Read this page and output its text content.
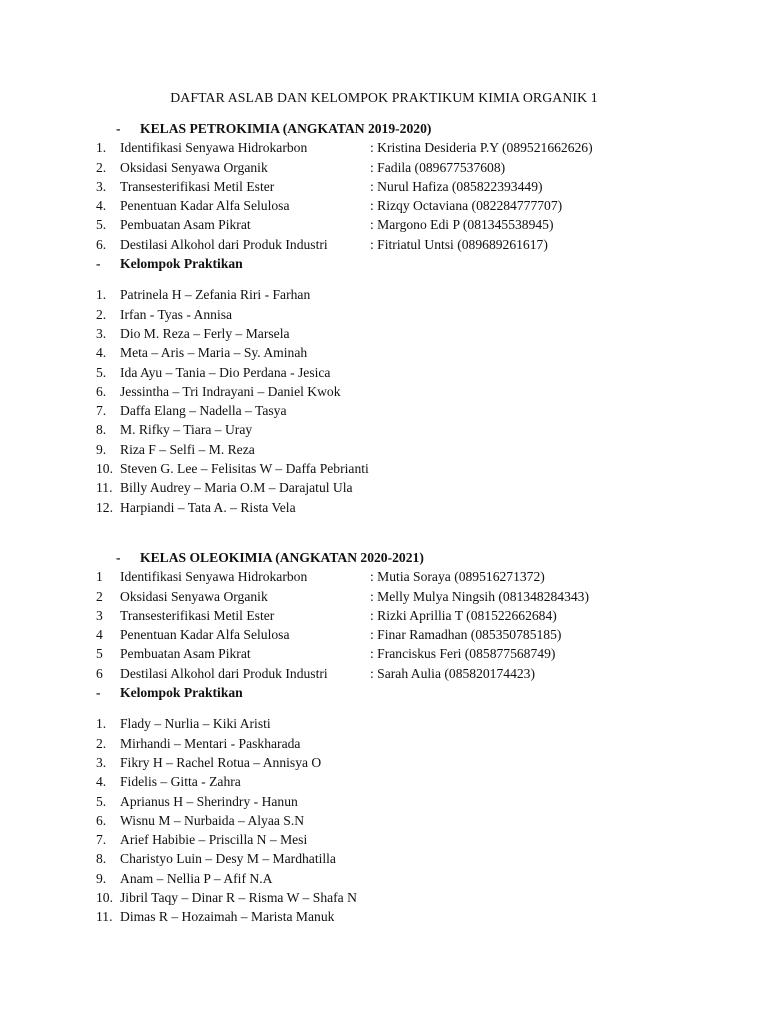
DAFTAR ASLAB DAN KELOMPOK PRAKTIKUM KIMIA ORGANIK 1
- KELAS PETROKIMIA (ANGKATAN 2019-2020)
1. Identifikasi Senyawa Hidrokarbon	: Kristina Desideria P.Y (089521662626)
2. Oksidasi Senyawa Organik	: Fadila (089677537608)
3. Transesterifikasi Metil Ester	: Nurul Hafiza (085822393449)
4. Penentuan Kadar Alfa Selulosa	: Rizqy Octaviana (082284777707)
5. Pembuatan Asam Pikrat	: Margono Edi P (081345538945)
6. Destilasi Alkohol dari Produk Industri	: Fitriatul Untsi (089689261617)
- Kelompok Praktikan
1. Patrinela H – Zefania Riri - Farhan
2. Irfan - Tyas - Annisa
3. Dio M. Reza – Ferly – Marsela
4. Meta – Aris – Maria – Sy. Aminah
5. Ida Ayu – Tania – Dio Perdana - Jesica
6. Jessintha – Tri Indrayani – Daniel Kwok
7. Daffa Elang – Nadella – Tasya
8. M. Rifky – Tiara – Uray
9. Riza F – Selfi – M. Reza
10. Steven G. Lee – Felisitas W – Daffa Pebrianti
11. Billy Audrey – Maria O.M – Darajatul Ula
12. Harpiandi – Tata A. – Rista Vela
- KELAS OLEOKIMIA (ANGKATAN 2020-2021)
1 Identifikasi Senyawa Hidrokarbon	: Mutia Soraya (089516271372)
2 Oksidasi Senyawa Organik	: Melly Mulya Ningsih (081348284343)
3 Transesterifikasi Metil Ester	: Rizki Aprillia T (081522662684)
4 Penentuan Kadar Alfa Selulosa	: Finar Ramadhan (085350785185)
5 Pembuatan Asam Pikrat	: Franciskus Feri (085877568749)
6 Destilasi Alkohol dari Produk Industri	: Sarah Aulia (085820174423)
- Kelompok Praktikan
1. Flady – Nurlia – Kiki Aristi
2. Mirhandi – Mentari - Paskharada
3. Fikry H – Rachel Rotua – Annisya O
4. Fidelis – Gitta - Zahra
5. Aprianus H – Sherindry - Hanun
6. Wisnu M – Nurbaida – Alyaa S.N
7. Arief Habibie – Priscilla N – Mesi
8. Charistyo Luin – Desy M – Mardhatilla
9. Anam – Nellia P – Afif N.A
10. Jibril Taqy – Dinar R – Risma W – Shafa N
11. Dimas R – Hozaimah – Marista Manuk
